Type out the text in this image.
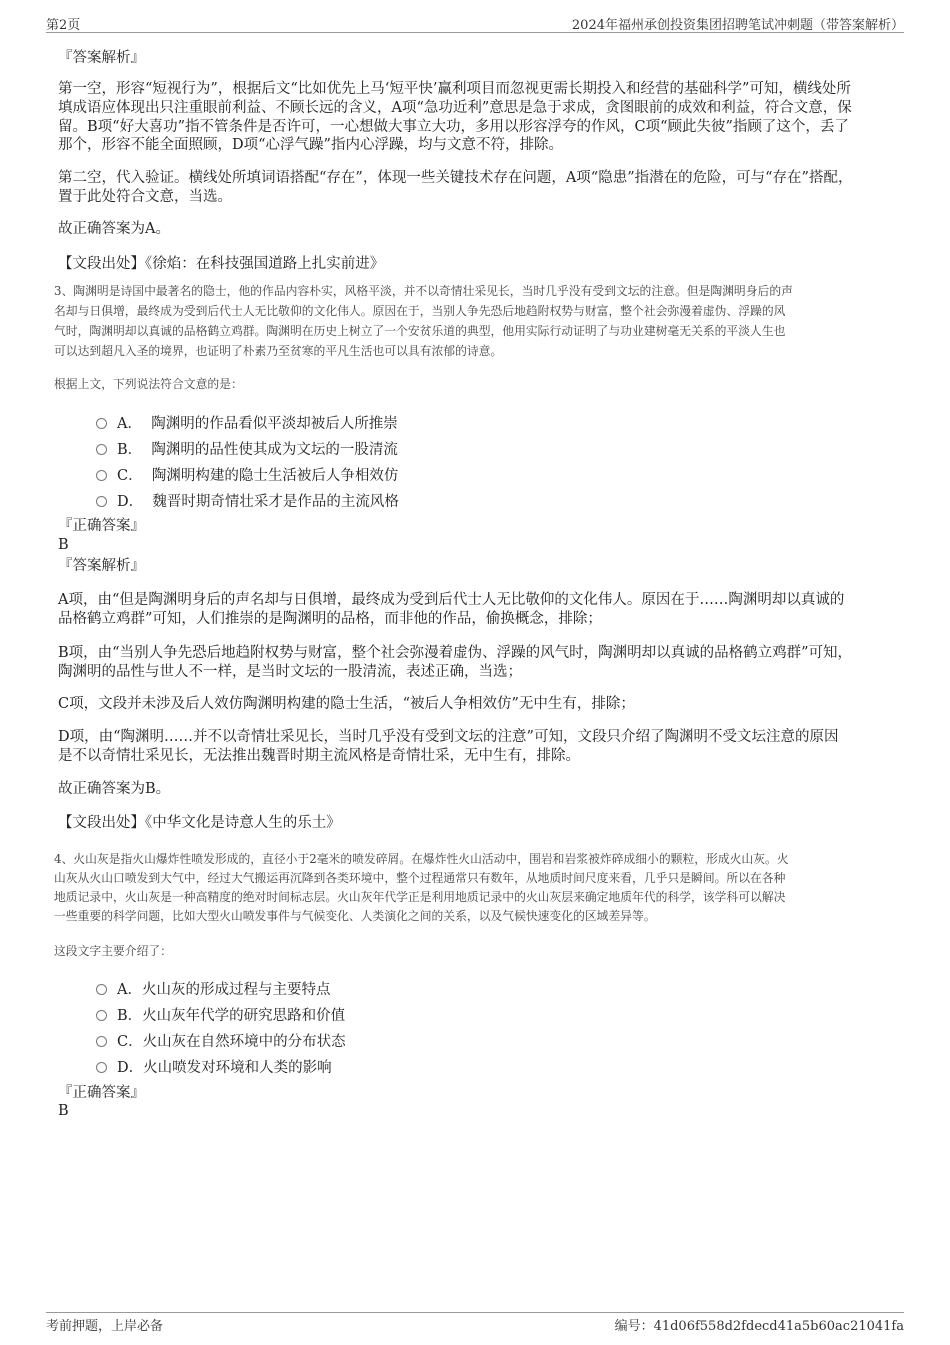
第2页	2024年福州承创投资集团招聘笔试冲刺题（带答案解析）
『答案解析』
第一空，形容“短视行为”，根据后文“比如优先上马‘短平快’赢利项目而忽视更需长期投入和经营的基础科学”可知，横线处所
填成语应体现出只注重眼前利益、不顾长远的含义，A项“急功近利”意思是急于求成，贪图眼前的成效和利益，符合文意，保
留。B项“好大喜功”指不管条件是否许可，一心想做大事立大功，多用以形容浮夸的作风，C项“顾此失彼”指顾了这个，丢了
那个，形容不能全面照顾，D项“心浮气躁”指内心浮躁，均与文意不符，排除。
第二空，代入验证。横线处所填词语搭配“存在”，体现一些关键技术存在问题，A项“隐患”指潜在的危险，可与“存在”搭配，
置于此处符合文意，当选。
故正确答案为A。
【文段出处】《徐焰：在科技强国道路上扎实前进》
3、陶渊明是诗国中最著名的隐士，他的作品内容朴实，风格平淡，并不以奇情壮采见长，当时几乎没有受到文坛的注意。但是陶渊明身后的声
名却与日俱增，最终成为受到后代士人无比敬仰的文化伟人。原因在于，当别人争先恐后地趋附权势与财富，整个社会弥漫着虚伪、浮躁的风
气时，陶渊明却以真诚的品格鹤立鸡群。陶渊明在历史上树立了一个安贫乐道的典型，他用实际行动证明了与功业建树毫无关系的平淡人生也
可以达到超凡入圣的境界，也证明了朴素乃至贫寒的平凡生活也可以具有浓郁的诗意。
根据上文，下列说法符合文意的是：
A． 陶渊明的作品看似平淡却被后人所推崇
B． 陶渊明的品性使其成为文坛的一股清流
C． 陶渊明构建的隐士生活被后人争相效仿
D． 魏晋时期奇情壮采才是作品的主流风格
『正确答案』
B
『答案解析』
A项，由“但是陶渊明身后的声名却与日俱增，最终成为受到后代士人无比敬仰的文化伟人。原因在于……陶渊明却以真诚的
品格鹤立鸡群”可知，人们推崇的是陶渊明的品格，而非他的作品，偷换概念，排除；
B项，由“当别人争先恐后地趋附权势与财富，整个社会弥漫着虚伪、浮躁的风气时，陶渊明却以真诚的品格鹤立鸡群”可知，
陶渊明的品性与世人不一样，是当时文坛的一股清流，表述正确，当选；
C项，文段并未涉及后人效仿陶渊明构建的隐士生活，“被后人争相效仿”无中生有，排除；
D项，由“陶渊明……并不以奇情壮采见长，当时几乎没有受到文坛的注意”可知，文段只介绍了陶渊明不受文坛注意的原因
是不以奇情壮采见长，无法推出魏晋时期主流风格是奇情壮采，无中生有，排除。
故正确答案为B。
【文段出处】《中华文化是诗意人生的乐土》
4、火山灰是指火山爆炸性喷发形成的，直径小于2毫米的喷发碎屑。在爆炸性火山活动中，围岩和岩浆被炸碎成细小的颗粒，形成火山灰。火
山灰从火山口喷发到大气中，经过大气搬运再沉降到各类环境中，整个过程通常只有数年，从地质时间尺度来看，几乎只是瞬间。所以在各种
地质记录中，火山灰是一种高精度的绝对时间标志层。火山灰年代学正是利用地质记录中的火山灰层来确定地质年代的科学，该学科可以解决
一些重要的科学问题，比如大型火山喷发事件与气候变化、人类演化之间的关系，以及气候快速变化的区域差异等。
这段文字主要介绍了：
A．火山灰的形成过程与主要特点
B．火山灰年代学的研究思路和价值
C．火山灰在自然环境中的分布状态
D．火山喷发对环境和人类的影响
『正确答案』
B
考前押题，上岸必备	编号：41d06f558d2fdecd41a5b60ac21041fa
